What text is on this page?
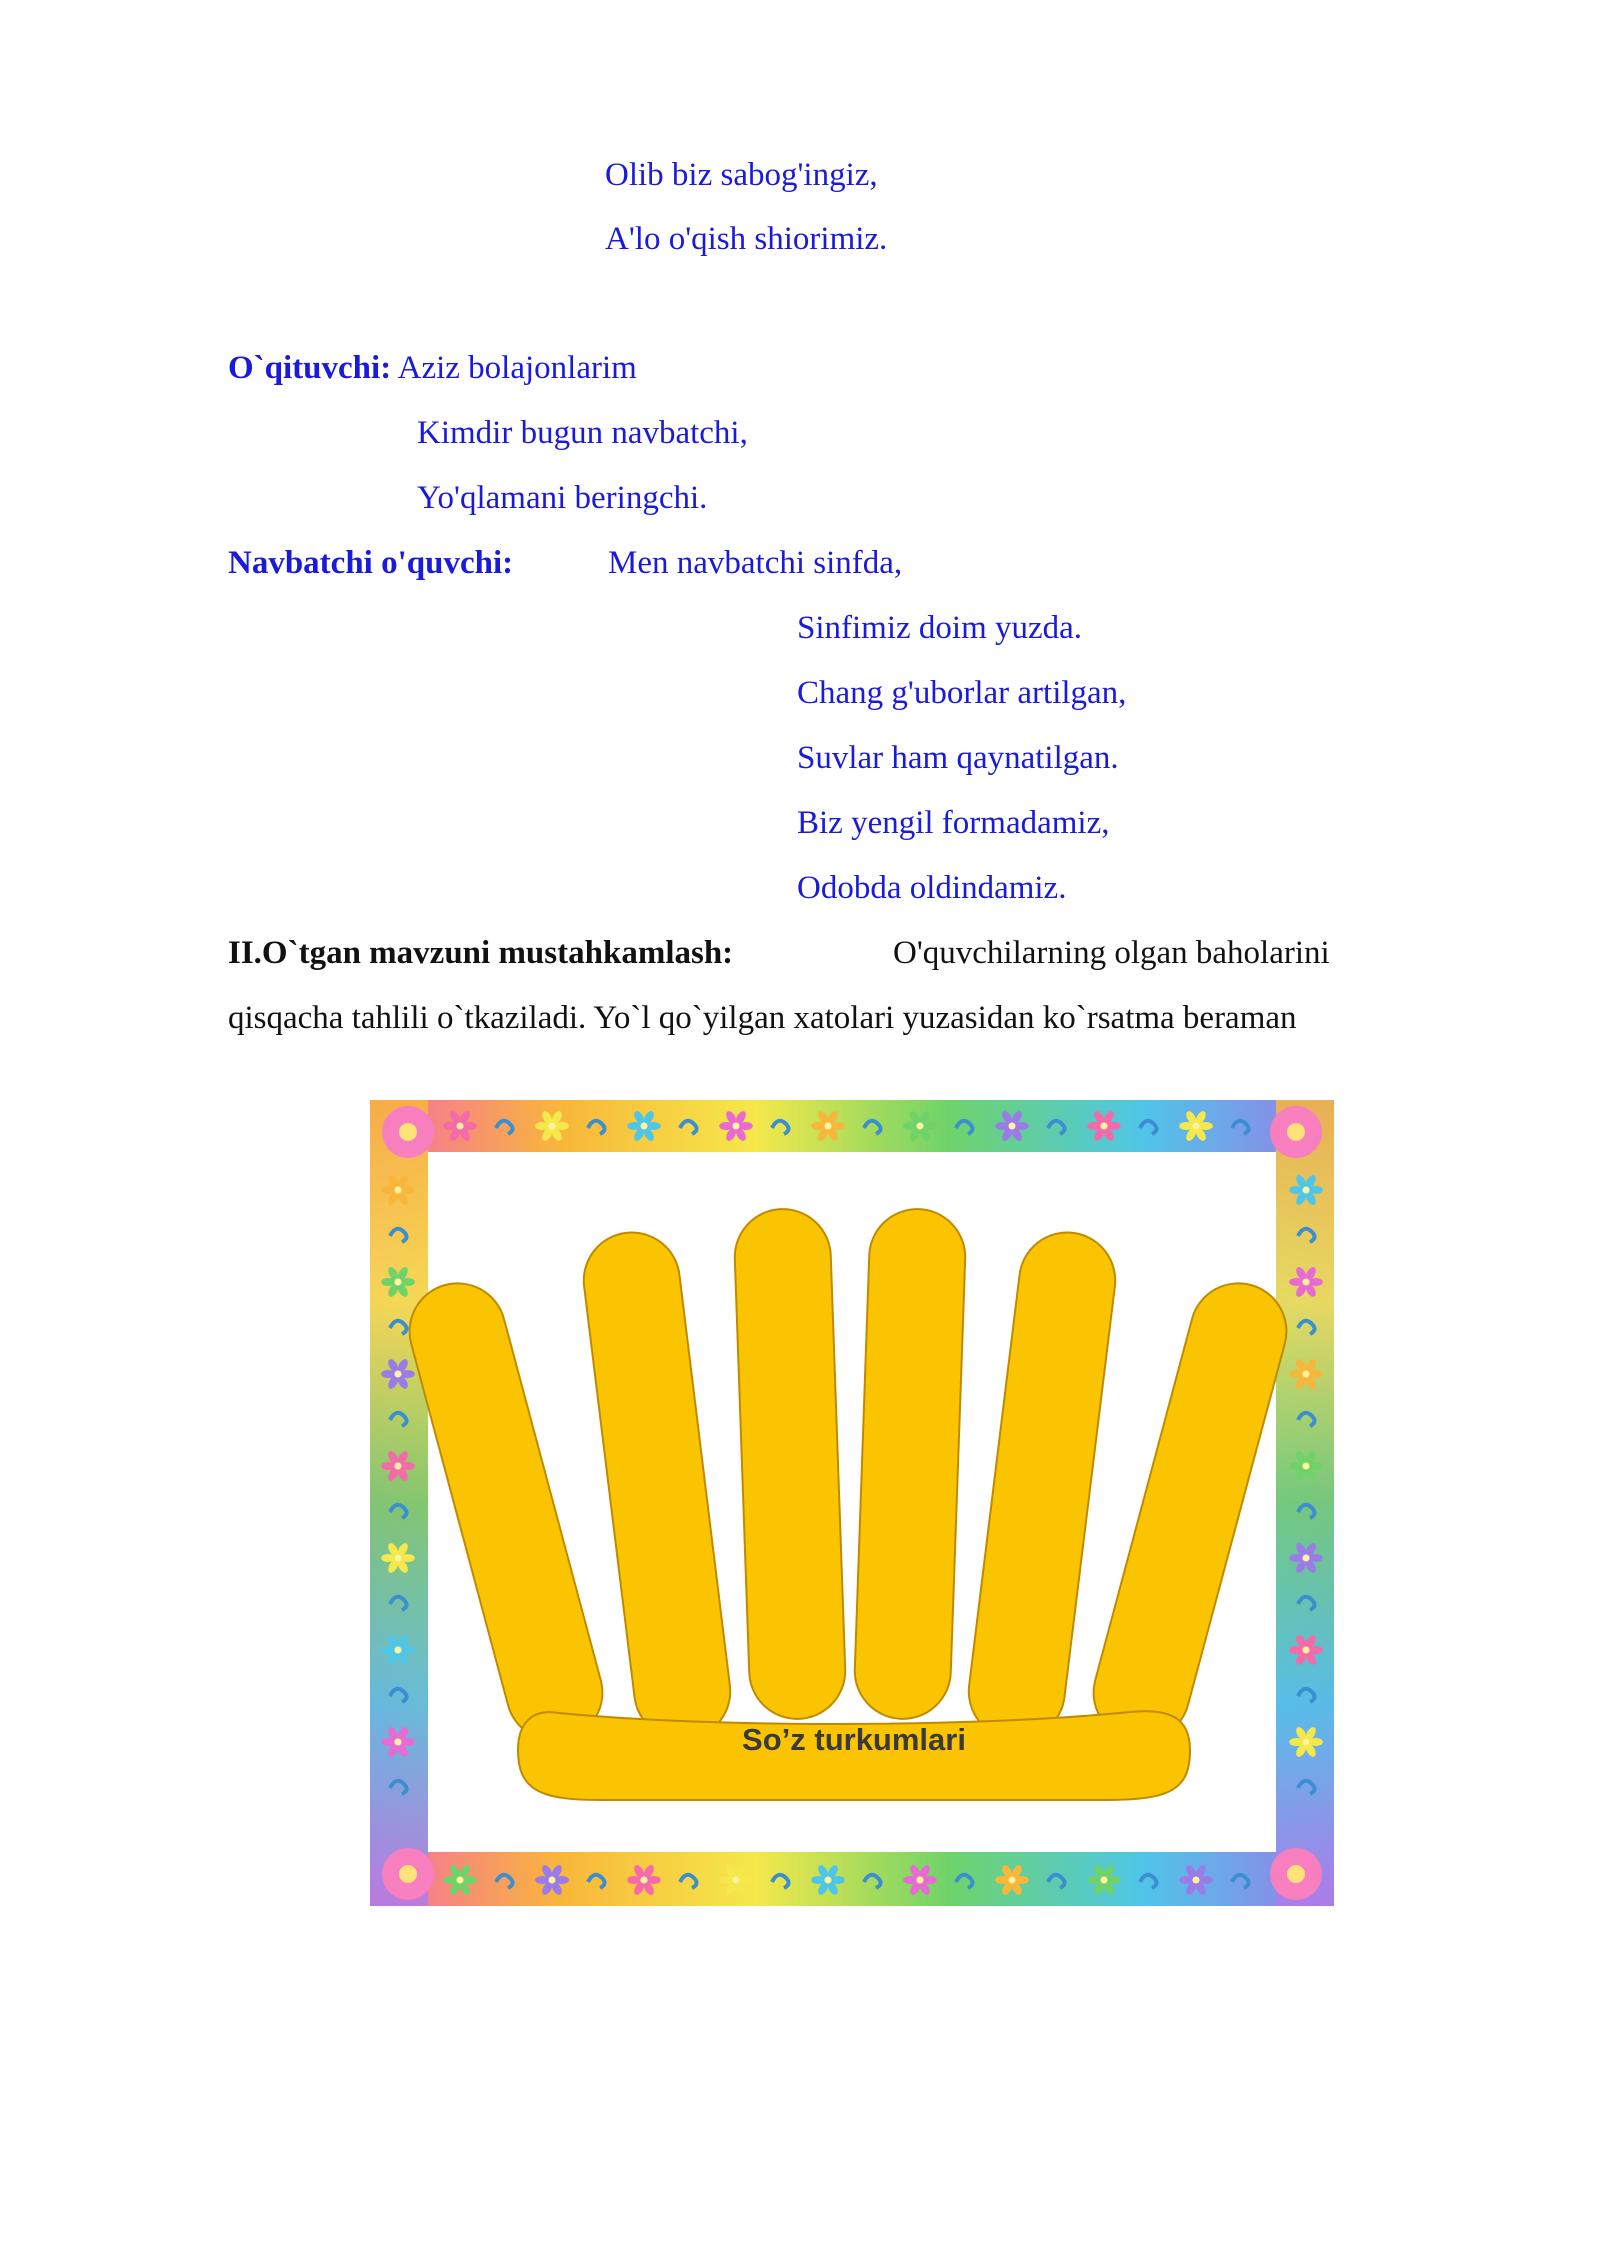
Olib biz sabog'ingiz,
A'lo o'qish shiorimiz.
O`qituvchi: Aziz bolajonlarim
Kimdir bugun navbatchi,
Yo'qlamani beringchi.
Navbatchi o'quvchi:	Men navbatchi sinfda,
Sinfimiz doim yuzda.
Chang g'uborlar artilgan,
Suvlar ham qaynatilgan.
Biz yengil formadamiz,
Odobda oldindamiz.
II.O`tgan mavzuni mustahkamlash:	O'quvchilarning olgan baholarini
qisqacha tahlili o`tkaziladi. Yo`l qo`yilgan xatolari yuzasidan ko`rsatma beraman
So’z turkumlari
